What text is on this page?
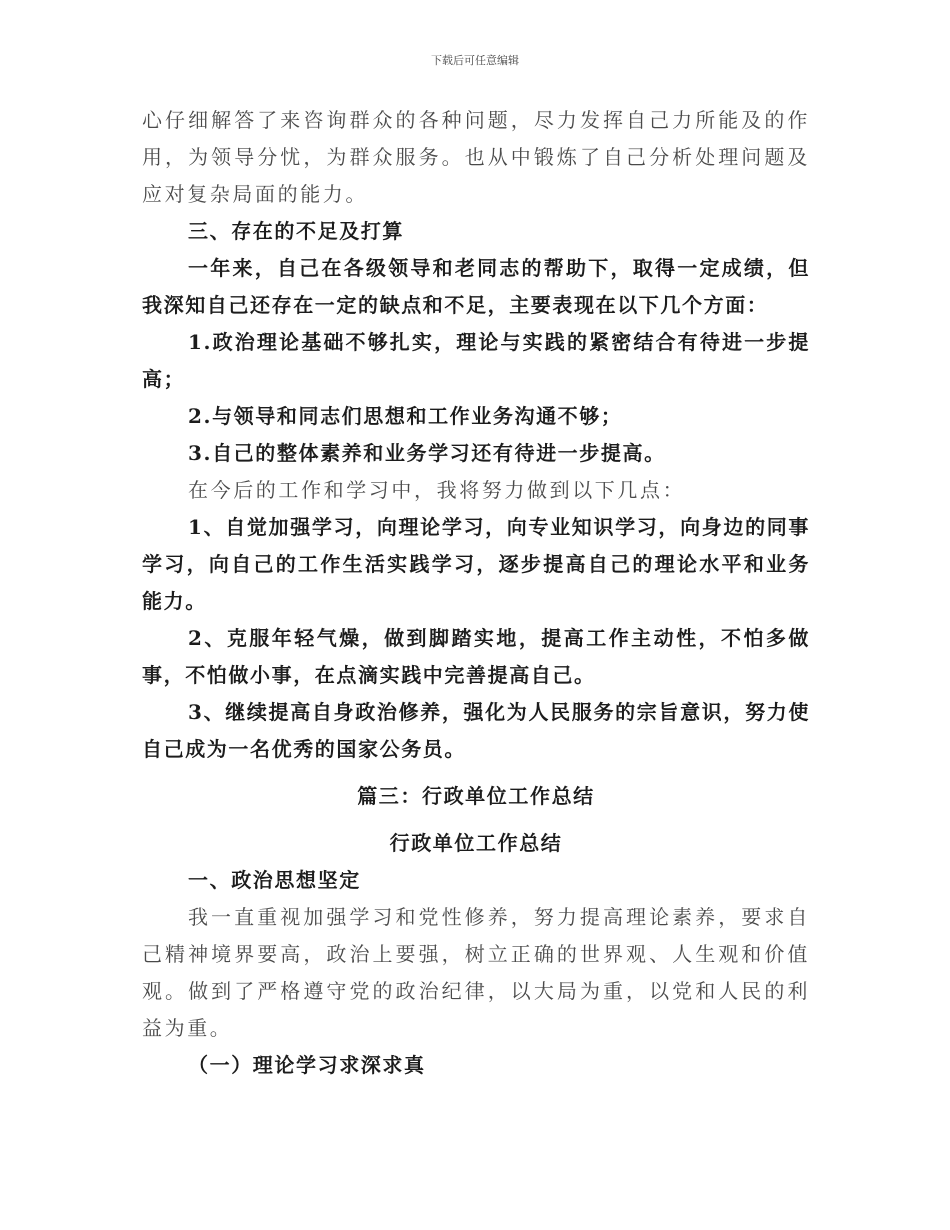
下载后可任意编辑

心仔细解答了来咨询群众的各种问题，尽力发挥自己力所能及的作用，为领导分忧，为群众服务。也从中锻炼了自己分析处理问题及应对复杂局面的能力。

三、存在的不足及打算

一年来，自己在各级领导和老同志的帮助下，取得一定成绩，但我深知自己还存在一定的缺点和不足，主要表现在以下几个方面：

1.政治理论基础不够扎实，理论与实践的紧密结合有待进一步提高；

2.与领导和同志们思想和工作业务沟通不够；

3.自己的整体素养和业务学习还有待进一步提高。

在今后的工作和学习中，我将努力做到以下几点：

1、自觉加强学习，向理论学习，向专业知识学习，向身边的同事学习，向自己的工作生活实践学习，逐步提高自己的理论水平和业务能力。

2、克服年轻气燥，做到脚踏实地，提高工作主动性，不怕多做事，不怕做小事，在点滴实践中完善提高自己。

3、继续提高自身政治修养，强化为人民服务的宗旨意识，努力使自己成为一名优秀的国家公务员。

篇三：行政单位工作总结

行政单位工作总结

一、政治思想坚定

我一直重视加强学习和党性修养，努力提高理论素养，要求自己精神境界要高，政治上要强，树立正确的世界观、人生观和价值观。做到了严格遵守党的政治纪律，以大局为重，以党和人民的利益为重。

（一）理论学习求深求真
